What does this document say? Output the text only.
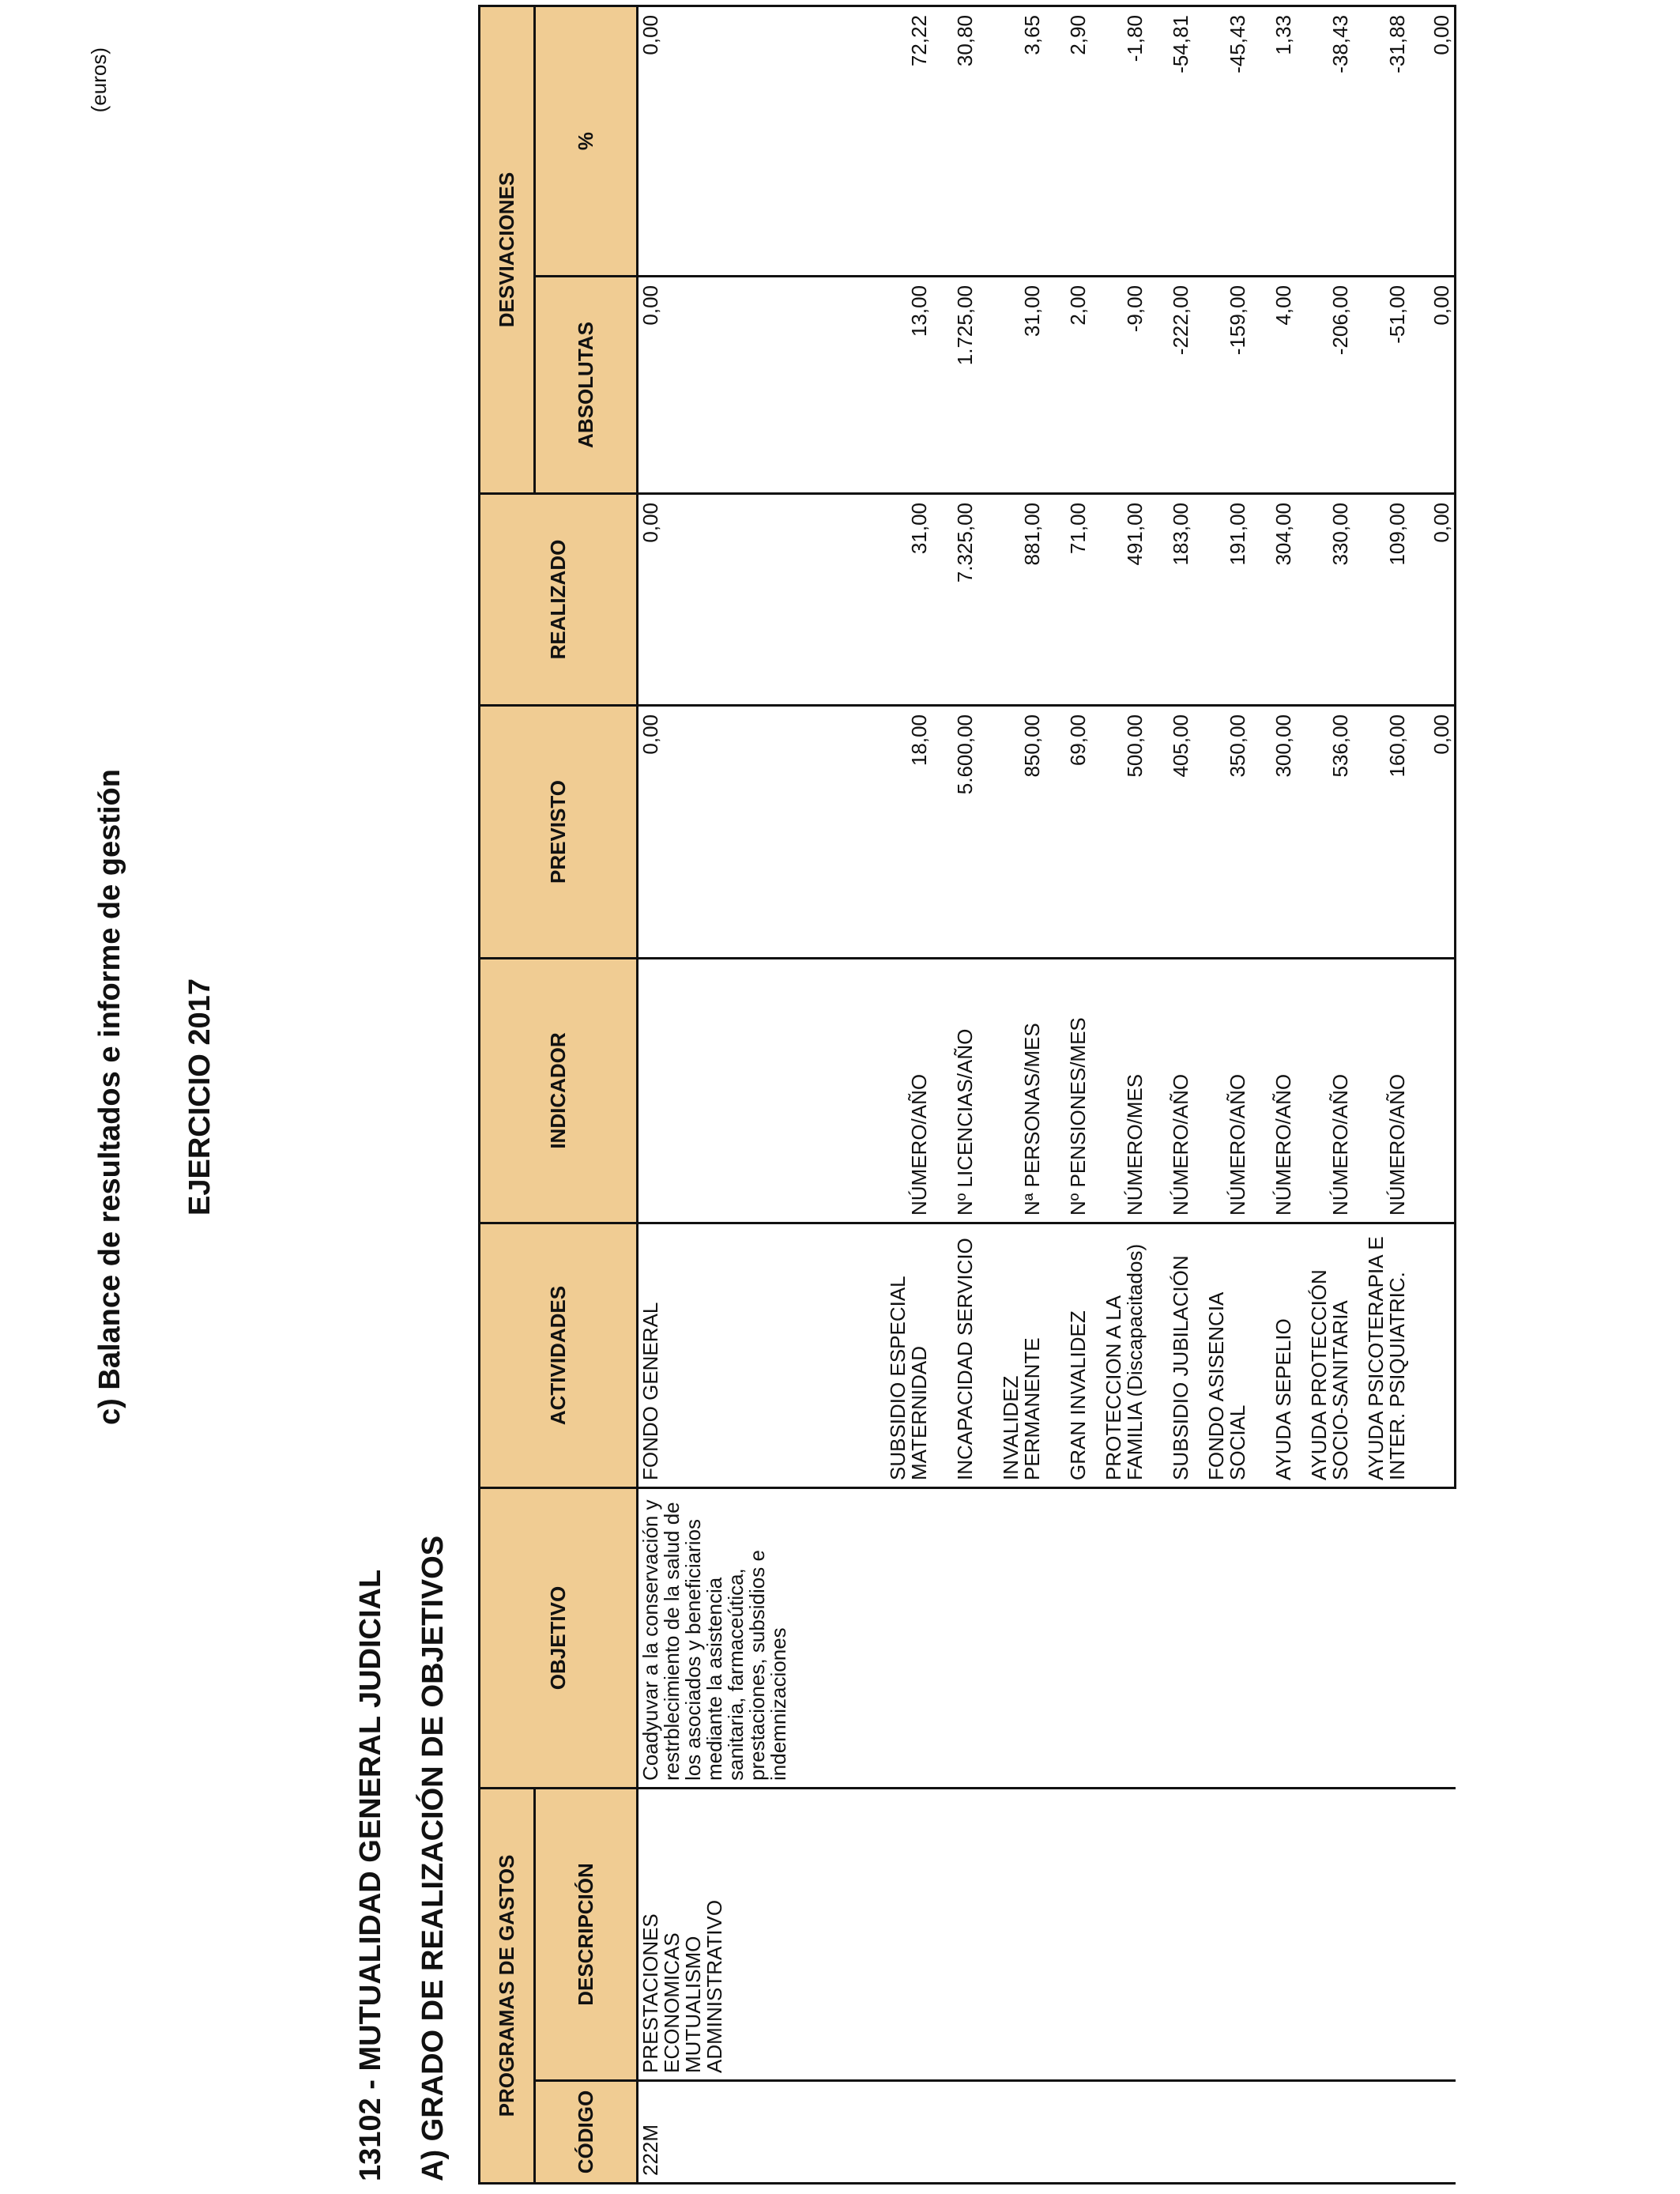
c) Balance de resultados e informe de gestión EJERCICIO 2017
(euros)
13102 - MUTUALIDAD GENERAL JUDICIAL A) GRADO DE REALIZACIÓN DE OBJETIVOS PROGRAMAS DE GASTOS		OBJETIVO	ACTIVIDADES	INDICADOR	PREVISTO	REALIZADO	DESVIACIONES	
CÓDIGO	DESCRIPCIÓN						ABSOLUTAS	%
222M	PRESTACIONES ECONOMICAS MUTUALISMO ADMINISTRATIVO	Coadyuvar a la conservación y restrblecimiento de la salud de los asociados y beneficiarios mediante la asistencia sanitaria, farmaceútica, prestaciones, subsidios e indemnizaciones	FONDO GENERAL		0,00	0,00	0,00	0,00
			SUBSIDIO ESPECIAL MATERNIDAD	NÚMERO/AÑO	18,00	31,00	13,00	72,22
			INCAPACIDAD SERVICIO	Nº LICENCIAS/AÑO	5.600,00	7.325,00	1.725,00	30,80
			INVALIDEZ PERMANENTE	Nª PERSONAS/MES	850,00	881,00	31,00	3,65
			GRAN INVALIDEZ	Nº PENSIONES/MES	69,00	71,00	2,00	2,90
			PROTECCION A LA FAMILIA (Discapacitados)	NÚMERO/MES	500,00	491,00	-9,00	-1,80
			SUBSIDIO JUBILACIÓN	NÚMERO/AÑO	405,00	183,00	-222,00	-54,81
			FONDO ASISENCIA SOCIAL	NÚMERO/AÑO	350,00	191,00	-159,00	-45,43
			AYUDA SEPELIO	NÚMERO/AÑO	300,00	304,00	4,00	1,33
			AYUDA PROTECCIÓN SOCIO-SANITARIA	NÚMERO/AÑO	536,00	330,00	-206,00	-38,43
			AYUDA PSICOTERAPIA E INTER. PSIQUIATRIC.	NÚMERO/AÑO	160,00	109,00	-51,00	-31,88
					0,00	0,00	0,00	0,00
